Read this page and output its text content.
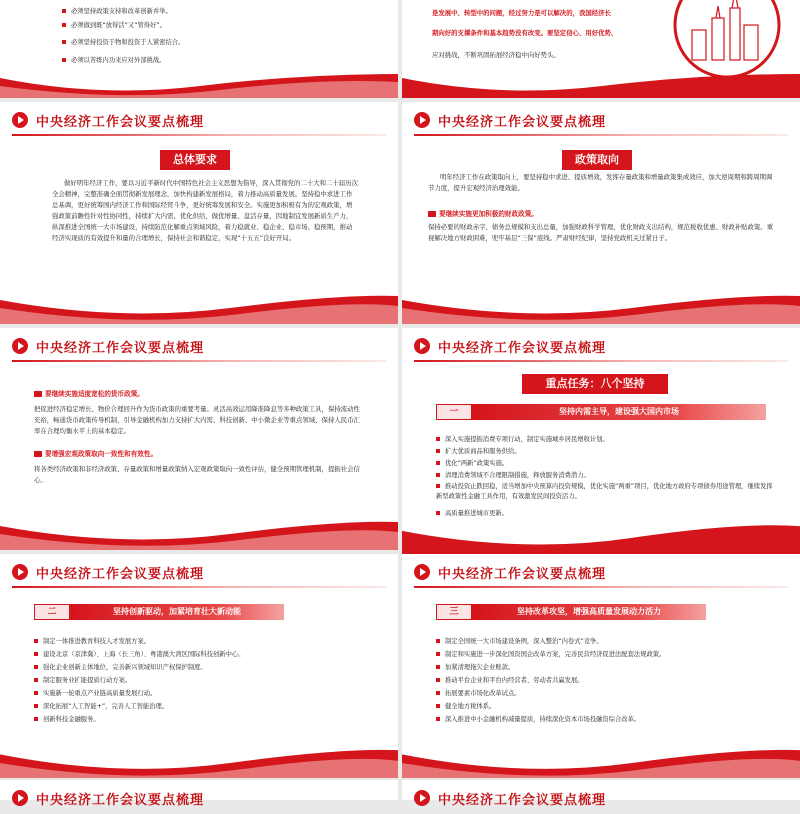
必须坚持政策支持和改革创新并举。
必须做到既“放得活”又“管得好”。
必须坚持投资于物和投资于人紧密结合。
必须以苦练内功来应对外部挑战。
是发展中、转型中的问题，经过努力是可以解决的，我国经济长
期向好的支撑条件和基本趋势没有改变。要坚定信心、用好优势、
应对挑战，不断巩固拓展经济稳中向好势头。
中央经济工作会议要点梳理
总体要求
做好明年经济工作，要以习近平新时代中国特色社会主义思想为指导，深入贯彻党的二十大和二十届历次全会精神，完整准确全面贯彻新发展理念，加快构建新发展格局，着力推动高质量发展。坚持稳中求进工作总基调，更好统筹国内经济工作和国际经贸斗争，更好统筹发展和安全。实施更加积极有为的宏观政策，增强政策前瞻性针对性协同性，持续扩大内需、优化供给，做优增量、盘活存量，因地制宜发展新质生产力，纵深推进全国统一大市场建设，持续防范化解重点领域风险，着力稳就业、稳企业、稳市场、稳预期，推动经济实现质的有效提升和量的合理增长，保持社会和谐稳定，实现“十五五”良好开局。
中央经济工作会议要点梳理
政策取向
明年经济工作在政策取向上，要坚持稳中求进、提质增效，发挥存量政策和增量政策集成效应，加大逆周期和跨周期调节力度，提升宏观经济治理效能。
要继续实施更加积极的财政政策。
保持必要的财政赤字、债务总规模和支出总量，加强财政科学管理，优化财政支出结构，规范税收优惠、财政补贴政策。重视解决地方财政困难，兜牢基层“三保”底线。严肃财经纪律，坚持党政机关过紧日子。
中央经济工作会议要点梳理
要继续实施适度宽松的货币政策。
把促进经济稳定增长、物价合理回升作为货币政策的重要考量。灵活高效运用降准降息等多种政策工具，保持流动性充裕，畅通货币政策传导机制，引导金融机构加力支持扩大内需、科技创新、中小微企业等重点领域，保持人民币汇率在合理均衡水平上的基本稳定。
要增强宏观政策取向一致性和有效性。
将各类经济政策和非经济政策、存量政策和增量政策纳入宏观政策取向一致性评估，健全预期管理机制，提振社会信心。
中央经济工作会议要点梳理
重点任务：八个坚持
一	坚持内需主导，建设强大国内市场
深入实施提振消费专项行动，制定实施城乡居民增收计划。
扩大优质商品和服务供给。
优化“两新”政策实施。
清理消费领域不合理限制措施，释放服务消费潜力。
推动投资止跌回稳，适当增加中央预算内投资规模，优化实施“两重”项目，优化地方政府专项债券用途管理，继续发挥新型政策性金融工具作用，有效激发民间投资活力。
高质量推进城市更新。
中央经济工作会议要点梳理
二	坚持创新驱动，加紧培育壮大新动能
制定一体推进教育科技人才发展方案。
建设北京（京津冀）、上海（长三角）、粤港澳大湾区国际科技创新中心。
强化企业创新主体地位，完善新兴领域知识产权保护制度。
制定服务业扩能提质行动方案。
实施新一轮重点产业链高质量发展行动。
深化拓展“人工智能+”，完善人工智能治理。
创新科技金融服务。
中央经济工作会议要点梳理
三	坚持改革攻坚，增强高质量发展动力活力
制定全国统一大市场建设条例，深入整治“内卷式”竞争。
制定和实施进一步深化国资国企改革方案，完善民营经济促进法配套法规政策。
加紧清理拖欠企业账款。
推动平台企业和平台内经营者、劳动者共赢发展。
拓展要素市场化改革试点。
健全地方税体系。
深入推进中小金融机构减量提质，持续深化资本市场投融资综合改革。
中央经济工作会议要点梳理	中央经济工作会议要点梳理
